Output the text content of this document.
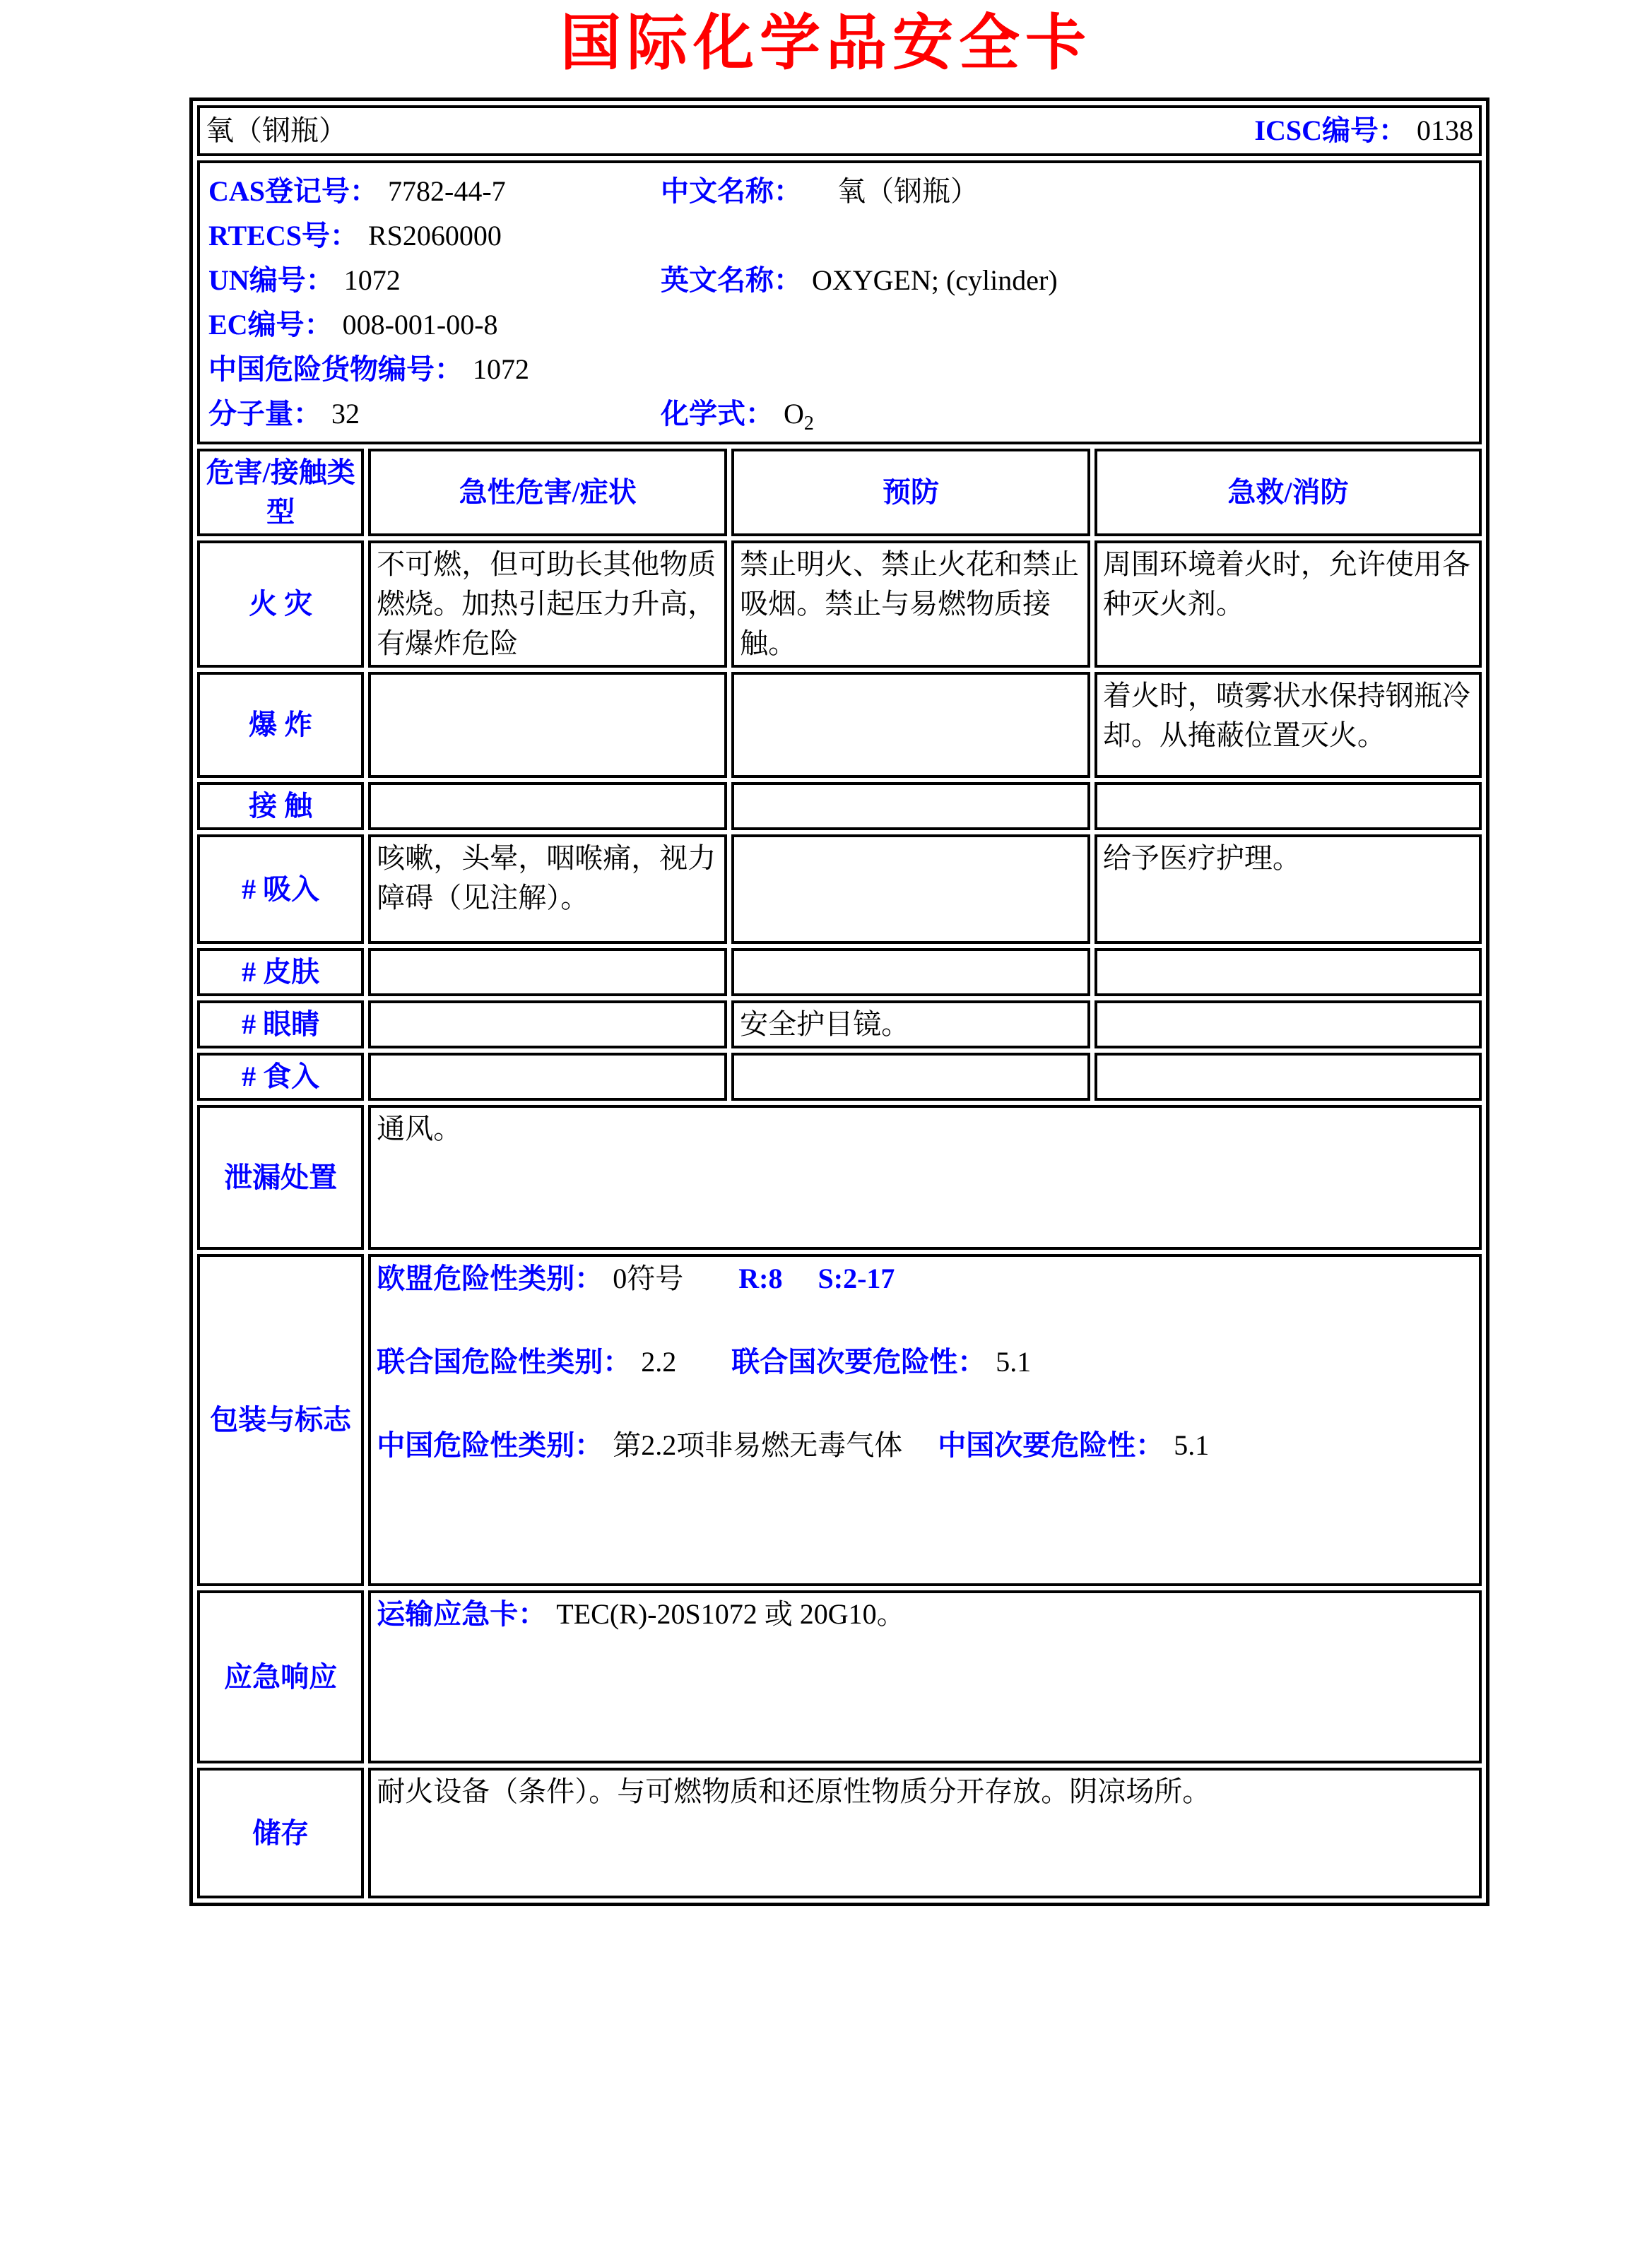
国际化学品安全卡
氧（钢瓶） ICSC编号： 0138			

CAS登记号： 7782-44-7
RTECS号： RS2060000
UN编号： 1072
EC编号： 008-001-00-8
中国危险货物编号： 1072
分子量： 32
中文名称： 氧（钢瓶）
英文名称： OXYGEN; (cylinder)
化学式： $O_2$

危害/接触类型	急性危害/症状	预防	急救/消防
火 灾	不可燃，但可助长其他物质燃烧。加热引起压力升高，有爆炸危险	禁止明火、禁止火花和禁止吸烟。禁止与易燃物质接触。	周围环境着火时，允许使用各种灭火剂。
爆 炸			着火时，喷雾状水保持钢瓶冷却。从掩蔽位置灭火。
接 触			
# 吸入	咳嗽，头晕，咽喉痛，视力障碍（见注解）。		给予医疗护理。
# 皮肤			
# 眼睛		安全护目镜。	
# 食入			
泄漏处置	通风。		
包装与标志	欧盟危险性类别： 0符号 R:8 S:2-17
联合国危险性类别： 2.2 联合国次要危险性： 5.1
中国危险性类别： 第2.2项非易燃无毒气体 中国次要危险性： 5.1		

应急响应	运输应急卡： TEC(R)-20S1072 或 20G10。		
储存	耐火设备（条件）。与可燃物质和还原性物质分开存放。阴凉场所。		
